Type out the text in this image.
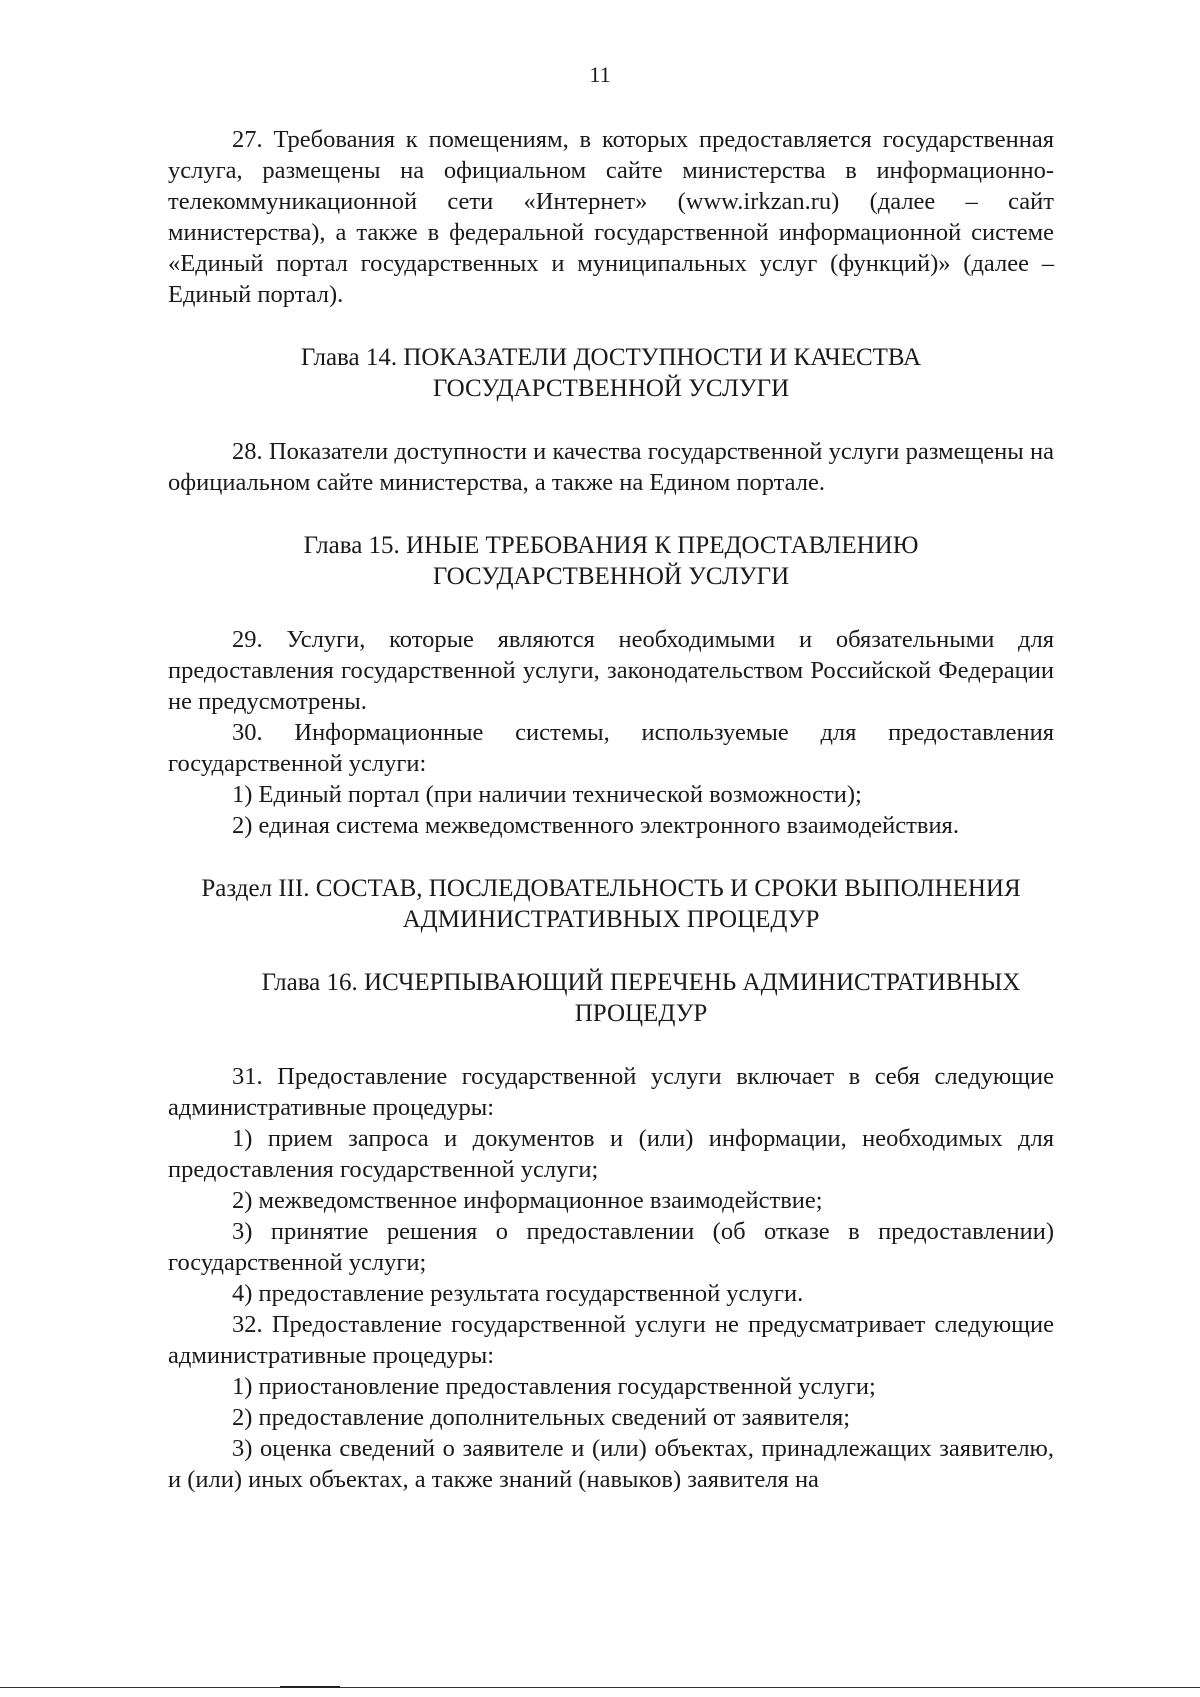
11

27. Требования к помещениям, в которых предоставляется государственная услуга, размещены на официальном сайте министерства в информационно-телекоммуникационной сети «Интернет» (www.irkzan.ru) (далее – сайт министерства), а также в федеральной государственной информационной системе «Единый портал государственных и муниципальных услуг (функций)» (далее – Единый портал).

Глава 14. ПОКАЗАТЕЛИ ДОСТУПНОСТИ И КАЧЕСТВА
ГОСУДАРСТВЕННОЙ УСЛУГИ

28. Показатели доступности и качества государственной услуги размещены на официальном сайте министерства, а также на Едином портале.

Глава 15. ИНЫЕ ТРЕБОВАНИЯ К ПРЕДОСТАВЛЕНИЮ
ГОСУДАРСТВЕННОЙ УСЛУГИ

29. Услуги, которые являются необходимыми и обязательными для предоставления государственной услуги, законодательством Российской Федерации не предусмотрены.

30. Информационные системы, используемые для предоставления государственной услуги:

1) Единый портал (при наличии технической возможности);

2) единая система межведомственного электронного взаимодействия.

Раздел III. СОСТАВ, ПОСЛЕДОВАТЕЛЬНОСТЬ И СРОКИ ВЫПОЛНЕНИЯ
АДМИНИСТРАТИВНЫХ ПРОЦЕДУР
Глава 16. ИСЧЕРПЫВАЮЩИЙ ПЕРЕЧЕНЬ АДМИНИСТРАТИВНЫХ
ПРОЦЕДУР

31. Предоставление государственной услуги включает в себя следующие административные процедуры:

1) прием запроса и документов и (или) информации, необходимых для предоставления государственной услуги;

2) межведомственное информационное взаимодействие;

3) принятие решения о предоставлении (об отказе в предоставлении) государственной услуги;

4) предоставление результата государственной услуги.

32. Предоставление государственной услуги не предусматривает следующие административные процедуры:

1) приостановление предоставления государственной услуги;

2) предоставление дополнительных сведений от заявителя;

3) оценка сведений о заявителе и (или) объектах, принадлежащих заявителю, и (или) иных объектах, а также знаний (навыков) заявителя на
